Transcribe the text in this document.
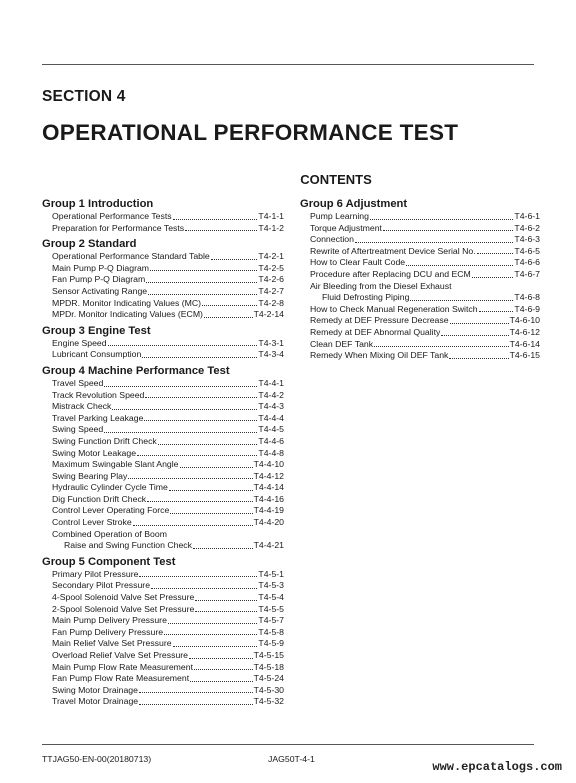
SECTION 4
OPERATIONAL PERFORMANCE TEST
CONTENTS
Group 1 Introduction
Operational Performance Tests	T4-1-1
Preparation for Performance Tests	T4-1-2
Group 2 Standard
Operational Performance Standard Table	T4-2-1
Main Pump P-Q Diagram	T4-2-5
Fan Pump P-Q Diagram	T4-2-6
Sensor Activating Range	T4-2-7
MPDR. Monitor Indicating Values (MC)	T4-2-8
MPDr. Monitor Indicating Values (ECM)	T4-2-14
Group 3 Engine Test
Engine Speed	T4-3-1
Lubricant Consumption	T4-3-4
Group 4 Machine Performance Test
Travel Speed	T4-4-1
Track Revolution Speed	T4-4-2
Mistrack Check	T4-4-3
Travel Parking Leakage	T4-4-4
Swing Speed	T4-4-5
Swing Function Drift Check	T4-4-6
Swing Motor Leakage	T4-4-8
Maximum Swingable Slant Angle	T4-4-10
Swing Bearing Play	T4-4-12
Hydraulic Cylinder Cycle Time	T4-4-14
Dig Function Drift Check	T4-4-16
Control Lever Operating Force	T4-4-19
Control Lever Stroke	T4-4-20
Combined Operation of Boom
Raise and Swing Function Check	T4-4-21
Group 5 Component Test
Primary Pilot Pressure	T4-5-1
Secondary Pilot Pressure	T4-5-3
4-Spool Solenoid Valve Set Pressure	T4-5-4
2-Spool Solenoid Valve Set Pressure	T4-5-5
Main Pump Delivery Pressure	T4-5-7
Fan Pump Delivery Pressure	T4-5-8
Main Relief Valve Set Pressure	T4-5-9
Overload Relief Valve Set Pressure	T4-5-15
Main Pump Flow Rate Measurement	T4-5-18
Fan Pump Flow Rate Measurement	T4-5-24
Swing Motor Drainage	T4-5-30
Travel Motor Drainage	T4-5-32
Group 6 Adjustment
Pump Learning	T4-6-1
Torque Adjustment	T4-6-2
Connection	T4-6-3
Rewrite of Aftertreatment Device Serial No.	T4-6-5
How to Clear Fault Code	T4-6-6
Procedure after Replacing DCU and ECM	T4-6-7
Air Bleeding from the Diesel Exhaust
Fluid Defrosting Piping	T4-6-8
How to Check Manual Regeneration Switch	T4-6-9
Remedy at DEF Pressure Decrease	T4-6-10
Remedy at DEF Abnormal Quality	T4-6-12
Clean DEF Tank	T4-6-14
Remedy When Mixing Oil DEF Tank	T4-6-15
TTJAG50-EN-00(20180713)	JAG50T-4-1
www.epcatalogs.com
